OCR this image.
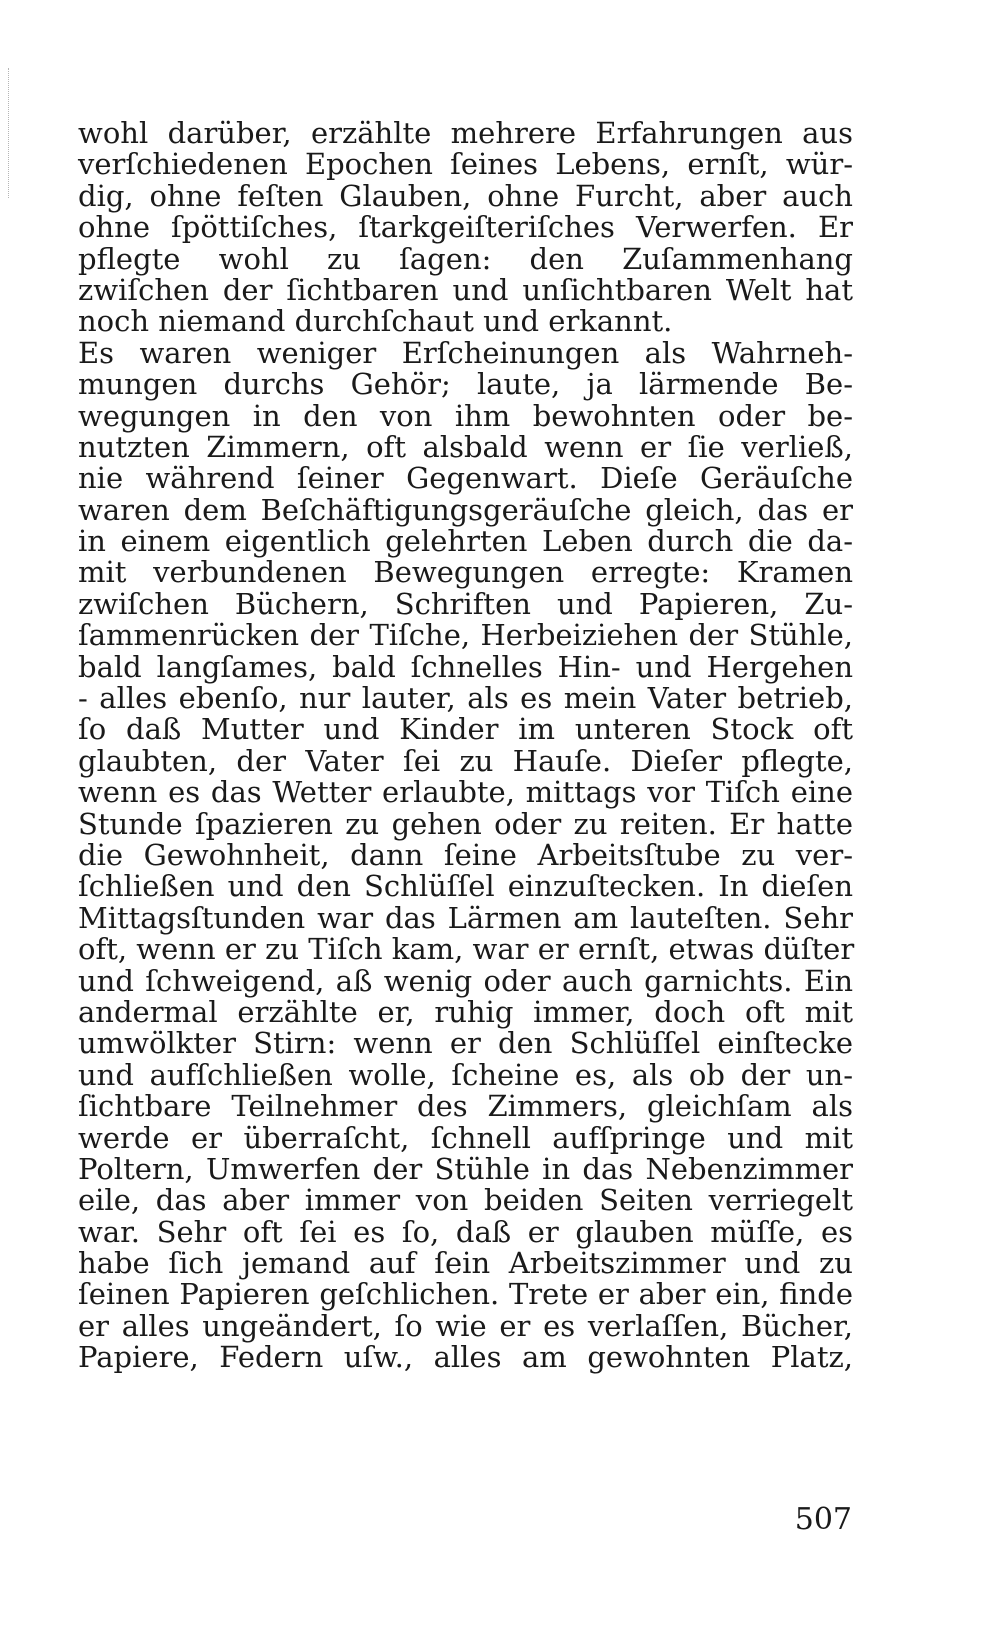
wohl darüber, erzählte mehrere Erfahrungen aus
verſchiedenen Epochen ſeines Lebens, ernſt, wür-
dig, ohne feſten Glauben, ohne Furcht, aber auch
ohne ſpöttiſches, ſtarkgeiſteriſches Verwerfen. Er
pflegte wohl zu ſagen: den Zuſammenhang
zwiſchen der ſichtbaren und unſichtbaren Welt hat
noch niemand durchſchaut und erkannt.
Es waren weniger Erſcheinungen als Wahrneh-
mungen durchs Gehör; laute, ja lärmende Be-
wegungen in den von ihm bewohnten oder be-
nutzten Zimmern, oft alsbald wenn er ſie verließ,
nie während ſeiner Gegenwart. Dieſe Geräuſche
waren dem Beſchäftigungsgeräuſche gleich, das er
in einem eigentlich gelehrten Leben durch die da-
mit verbundenen Bewegungen erregte: Kramen
zwiſchen Büchern, Schriften und Papieren, Zu-
ſammenrücken der Tiſche, Herbeiziehen der Stühle,
bald langſames, bald ſchnelles Hin- und Hergehen
- alles ebenſo, nur lauter, als es mein Vater betrieb,
ſo daß Mutter und Kinder im unteren Stock oft
glaubten, der Vater ſei zu Hauſe. Dieſer pflegte,
wenn es das Wetter erlaubte, mittags vor Tiſch eine
Stunde ſpazieren zu gehen oder zu reiten. Er hatte
die Gewohnheit, dann ſeine Arbeitsſtube zu ver-
ſchließen und den Schlüſſel einzuſtecken. In dieſen
Mittagsſtunden war das Lärmen am lauteſten. Sehr
oft, wenn er zu Tiſch kam, war er ernſt, etwas düſter
und ſchweigend, aß wenig oder auch garnichts. Ein
andermal erzählte er, ruhig immer, doch oft mit
umwölkter Stirn: wenn er den Schlüſſel einſtecke
und aufſchließen wolle, ſcheine es, als ob der un-
ſichtbare Teilnehmer des Zimmers, gleichſam als
werde er überraſcht, ſchnell aufſpringe und mit
Poltern, Umwerfen der Stühle in das Nebenzimmer
eile, das aber immer von beiden Seiten verriegelt
war. Sehr oft ſei es ſo, daß er glauben müſſe, es
habe ſich jemand auf ſein Arbeitszimmer und zu
ſeinen Papieren geſchlichen. Trete er aber ein, finde
er alles ungeändert, ſo wie er es verlaſſen, Bücher,
Papiere, Federn uſw., alles am gewohnten Platz,
507
